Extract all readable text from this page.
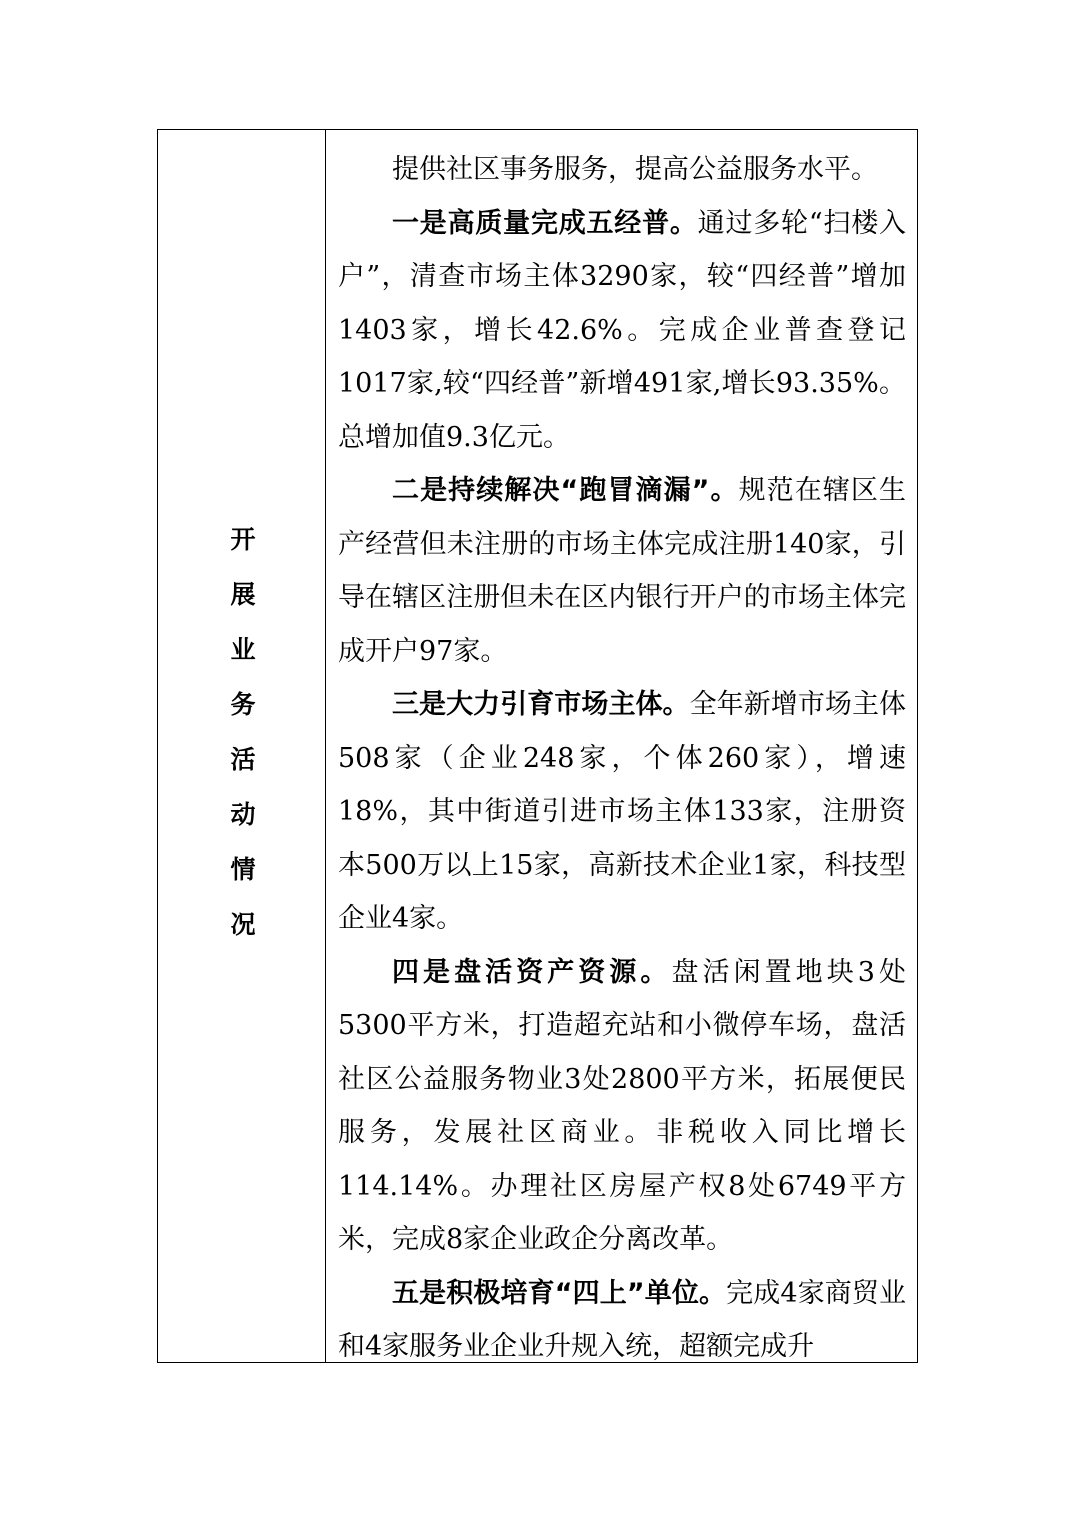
开展业务活动情况

提供社区事务服务，提高公益服务水平。

一是高质量完成五经普。通过多轮“扫楼入户”，清查市场主体3290家，较“四经普”增加1403家，增长42.6%。完成企业普查登记1017家,较“四经普”新增491家,增长93.35%。总增加值9.3亿元。

二是持续解决“跑冒滴漏”。规范在辖区生产经营但未注册的市场主体完成注册140家，引导在辖区注册但未在区内银行开户的市场主体完成开户97家。

三是大力引育市场主体。全年新增市场主体508家（企业248家，个体260家），增速18%，其中街道引进市场主体133家，注册资本500万以上15家，高新技术企业1家，科技型企业4家。

四是盘活资产资源。盘活闲置地块3处5300平方米，打造超充站和小微停车场，盘活社区公益服务物业3处2800平方米，拓展便民服务，发展社区商业。非税收入同比增长114.14%。办理社区房屋产权8处6749平方米，完成8家企业政企分离改革。

五是积极培育“四上”单位。完成4家商贸业和4家服务业企业升规入统，超额完成升
